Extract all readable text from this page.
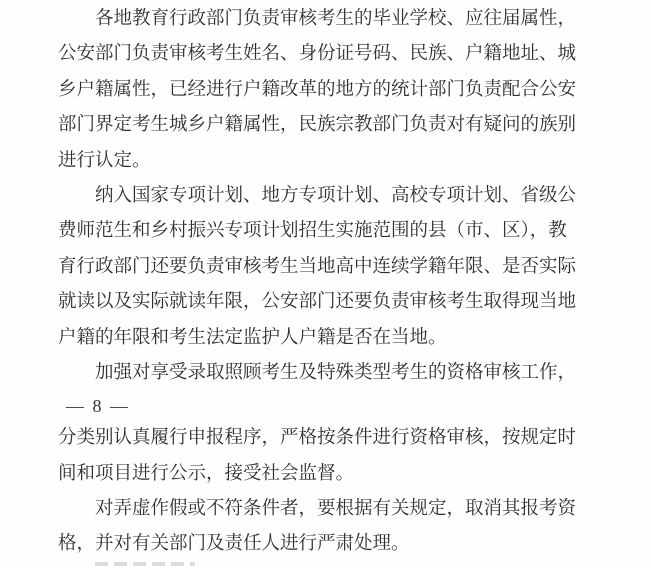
各地教育行政部门负责审核考生的毕业学校、应往届属性，
公安部门负责审核考生姓名、身份证号码、民族、户籍地址、城
乡户籍属性，已经进行户籍改革的地方的统计部门负责配合公安
部门界定考生城乡户籍属性，民族宗教部门负责对有疑问的族别
进行认定。
纳入国家专项计划、地方专项计划、高校专项计划、省级公
费师范生和乡村振兴专项计划招生实施范围的县（市、区），教
育行政部门还要负责审核考生当地高中连续学籍年限、是否实际
就读以及实际就读年限，公安部门还要负责审核考生取得现当地
户籍的年限和考生法定监护人户籍是否在当地。
加强对享受录取照顾考生及特殊类型考生的资格审核工作，
— 8 —
分类别认真履行申报程序，严格按条件进行资格审核，按规定时
间和项目进行公示，接受社会监督。
对弄虚作假或不符条件者，要根据有关规定，取消其报考资
格，并对有关部门及责任人进行严肃处理。
